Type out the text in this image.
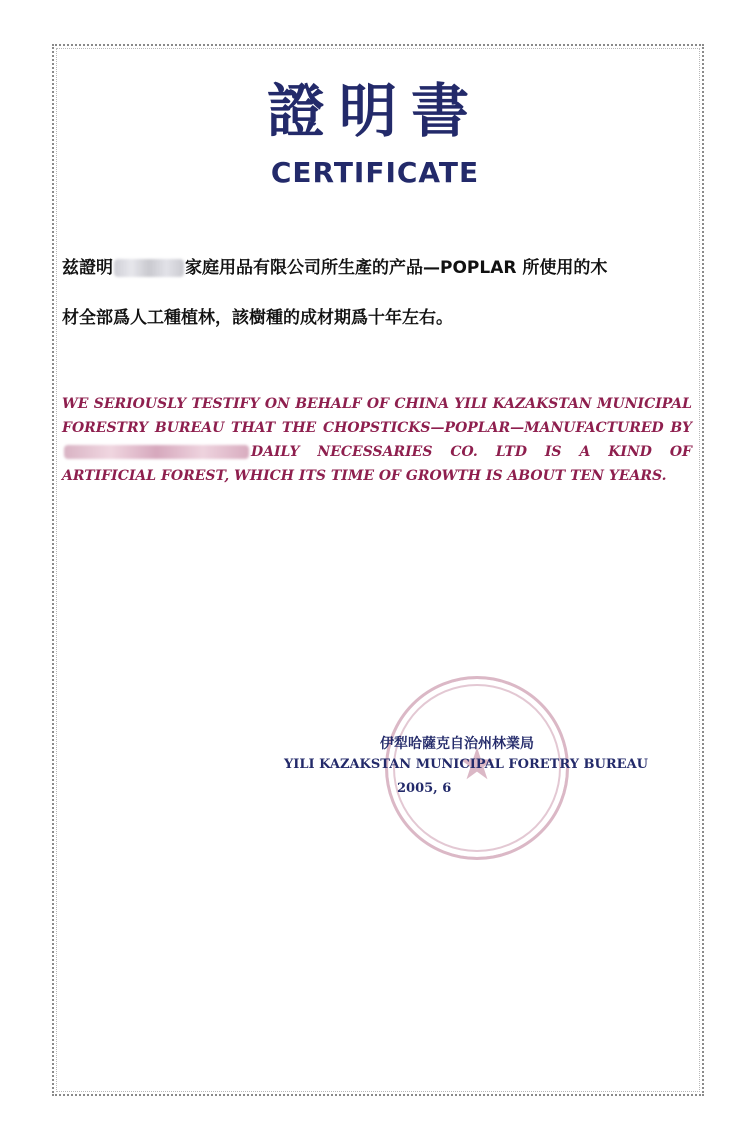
證明書
CERTIFICATE
兹證明	家庭用品有限公司所生產的产品—POPLAR 所使用的木
材全部爲人工種植林，該樹種的成材期爲十年左右。
WE SERIOUSLY TESTIFY ON BEHALF OF CHINA YILI KAZAKSTAN MUNICIPAL FORESTRY BUREAU THAT THE CHOPSTICKS—POPLAR—MANUFACTURED BYDAILY NECESSARIES CO. LTD IS A KIND OF ARTIFICIAL FOREST, WHICH ITS TIME OF GROWTH IS ABOUT TEN YEARS.
★
伊犁哈薩克自治州林業局
YILI KAZAKSTAN MUNICIPAL FORETRY BUREAU
2005, 6
